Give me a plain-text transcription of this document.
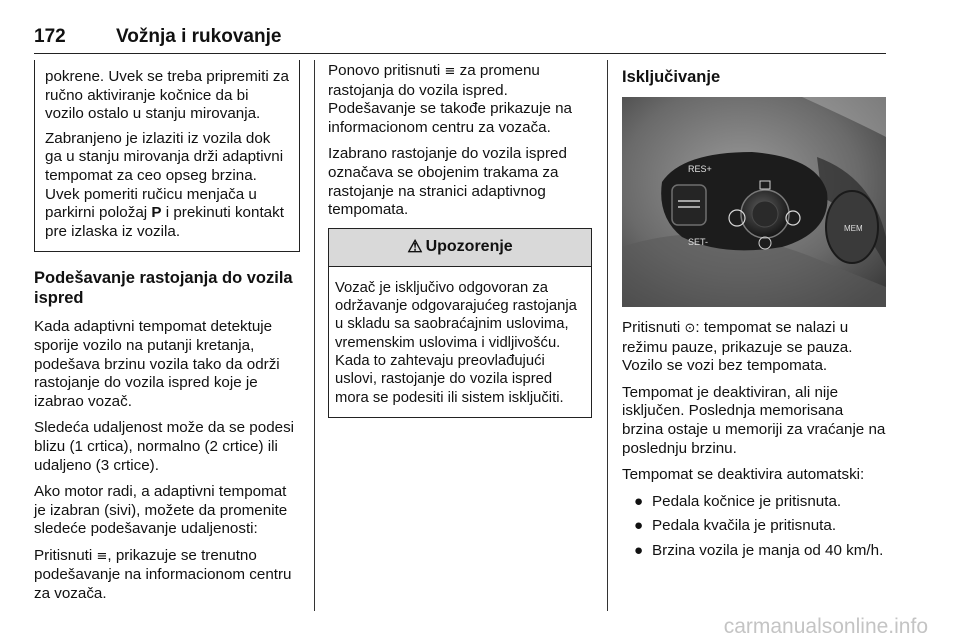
172	Vožnja i rukovanje

pokrene. Uvek se treba pripremiti za ručno aktiviranje kočnice da bi vozilo ostalo u stanju mirovanja.

Zabranjeno je izlaziti iz vozila dok ga u stanju mirovanja drži adaptivni tempomat za ceo opseg brzina. Uvek pomeriti ručicu menjača u parkirni položaj P i prekinuti kontakt pre izlaska iz vozila.

Podešavanje rastojanja do vozila ispred

Kada adaptivni tempomat detektuje sporije vozilo na putanji kretanja, podešava brzinu vozila tako da održi rastojanje do vozila ispred koje je izabrao vozač.

Sledeća udaljenost može da se podesi blizu (1 crtica), normalno (2 crtice) ili udaljeno (3 crtice).

Ako motor radi, a adaptivni tempomat je izabran (sivi), možete da promenite sledeće podešavanje udaljenosti:

Pritisnuti ≡, prikazuje se trenutno podešavanje na informacionom centru za vozača.

Ponovo pritisnuti ≡ za promenu rastojanja do vozila ispred. Podešavanje se takođe prikazuje na informacionom centru za vozača.

Izabrano rastojanje do vozila ispred označava se obojenim trakama za rastojanje na stranici adaptivnog tempomata.

⚠ Upozorenje
Vozač je isključivo odgovoran za održavanje odgovarajućeg rastojanja u skladu sa saobraćajnim uslovima, vremenskim uslovima i vidljivošću. Kada to zahtevaju preovlađujući uslovi, rastojanje do vozila ispred mora se podesiti ili sistem isključiti.
Isključivanje
RES+
SET-
MEM

Pritisnuti ⊙: tempomat se nalazi u režimu pauze, prikazuje se pauza. Vozilo se vozi bez tempomata.

Tempomat je deaktiviran, ali nije isključen. Poslednja memorisana brzina ostaje u memoriji za vraćanje na poslednju brzinu.

Tempomat se deaktivira automatski:

● Pedala kočnice je pritisnuta.
● Pedala kvačila je pritisnuta.
● Brzina vozila je manja od 40 km/h.
carmanualsonline.info
